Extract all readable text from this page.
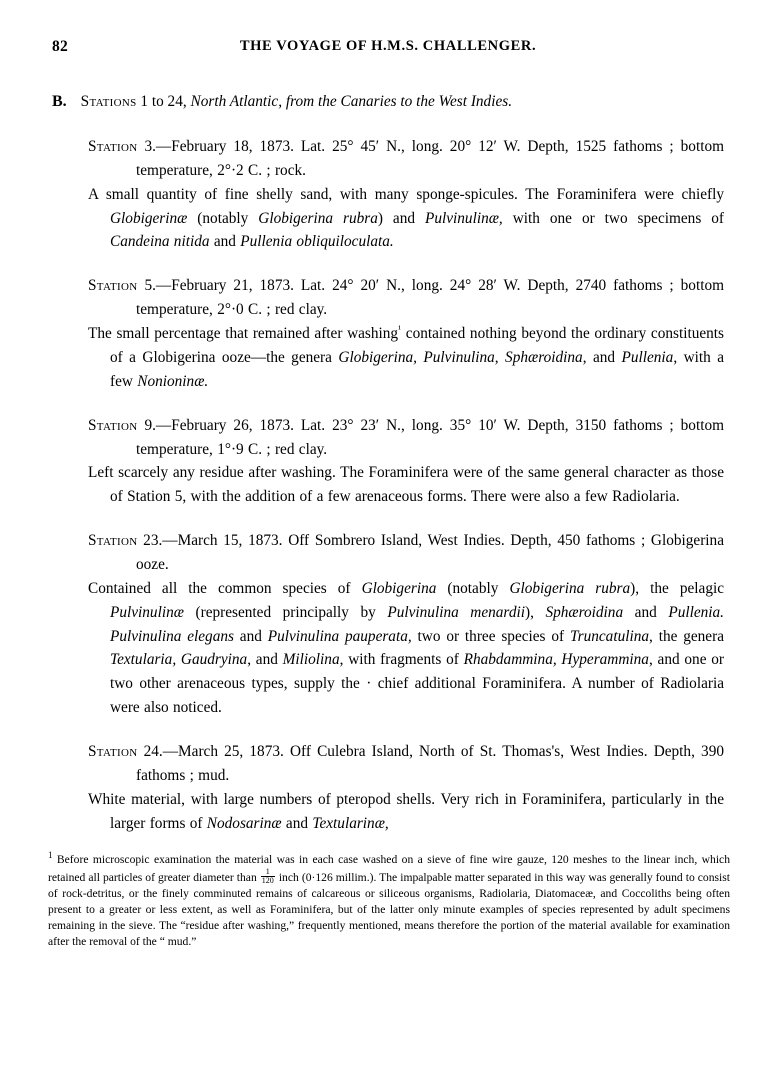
82	THE VOYAGE OF H.M.S. CHALLENGER.
B. Stations 1 to 24, North Atlantic, from the Canaries to the West Indies.

Station 3.—February 18, 1873. Lat. 25° 45′ N., long. 20° 12′ W. Depth, 1525 fathoms ; bottom temperature, 2°·2 C. ; rock.

A small quantity of fine shelly sand, with many sponge-spicules. The Foraminifera were chiefly Globigerinæ (notably Globigerina rubra) and Pulvinulinæ, with one or two specimens of Candeina nitida and Pullenia obliquiloculata.

Station 5.—February 21, 1873. Lat. 24° 20′ N., long. 24° 28′ W. Depth, 2740 fathoms ; bottom temperature, 2°·0 C. ; red clay.

The small percentage that remained after washing$^{^1}$ contained nothing beyond the ordinary constituents of a Globigerina ooze—the genera Globigerina, Pulvinulina, Sphæroidina, and Pullenia, with a few Nonioninæ.

Station 9.—February 26, 1873. Lat. 23° 23′ N., long. 35° 10′ W. Depth, 3150 fathoms ; bottom temperature, 1°·9 C. ; red clay.

Left scarcely any residue after washing. The Foraminifera were of the same general character as those of Station 5, with the addition of a few arenaceous forms. There were also a few Radiolaria.

Station 23.—March 15, 1873. Off Sombrero Island, West Indies. Depth, 450 fathoms ; Globigerina ooze.

Contained all the common species of Globigerina (notably Globigerina rubra), the pelagic Pulvinulinæ (represented principally by Pulvinulina menardii), Sphæroidina and Pullenia. Pulvinulina elegans and Pulvinulina pauperata, two or three species of Truncatulina, the genera Textularia, Gaudryina, and Miliolina, with fragments of Rhabdammina, Hyperammina, and one or two other arenaceous types, supply the · chief additional Foraminifera. A number of Radiolaria were also noticed.

Station 24.—March 25, 1873. Off Culebra Island, North of St. Thomas's, West Indies. Depth, 390 fathoms ; mud.

White material, with large numbers of pteropod shells. Very rich in Foraminifera, particularly in the larger forms of Nodosarinæ and Textularinæ,

$^1$ Before microscopic examination the material was in each case washed on a sieve of fine wire gauze, 120 meshes to the linear inch, which retained all particles of greater diameter than $\frac{1}{120}$ inch (0·126 millim.). The impalpable matter separated in this way was generally found to consist of rock-detritus, or the finely comminuted remains of calcareous or siliceous organisms, Radiolaria, Diatomaceæ, and Coccoliths being often present to a greater or less extent, as well as Foraminifera, but of the latter only minute examples of species represented by adult specimens remaining in the sieve. The “residue after washing,” frequently mentioned, means therefore the portion of the material available for examination after the removal of the “ mud.”
